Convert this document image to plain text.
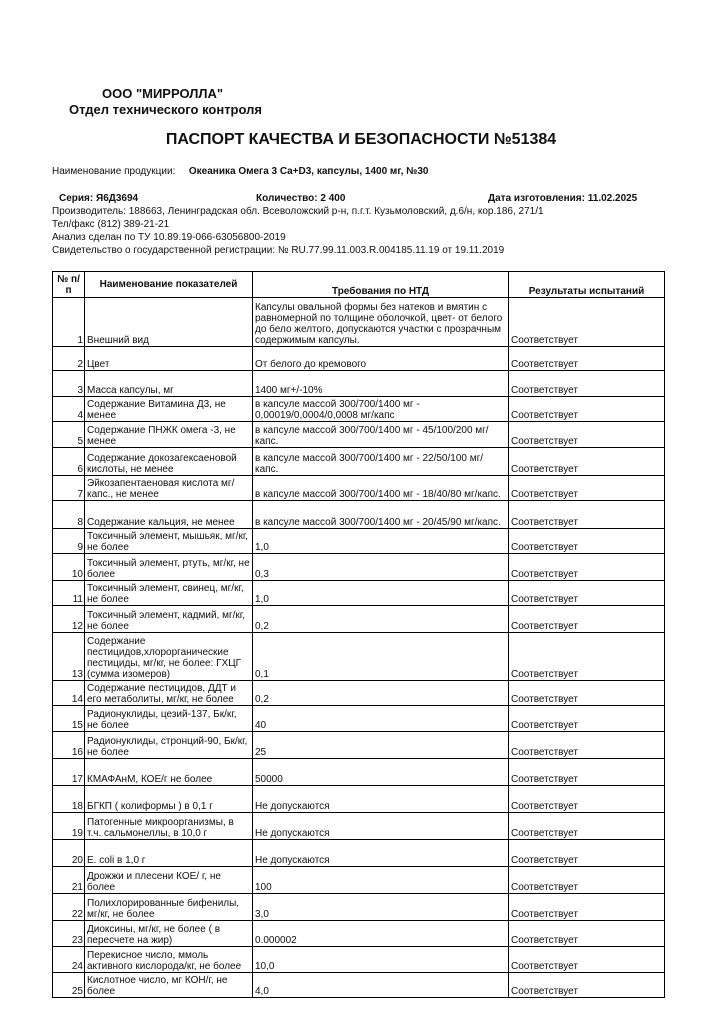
ООО "МИРРОЛЛА"
Отдел технического контроля
ПАСПОРТ КАЧЕСТВА И БЕЗОПАСНОСТИ №51384
Наименование продукции: Океаника Омега 3 Ca+D3, капсулы, 1400 мг, №30
Серия: Я6Д3694	Количество: 2 400	Дата изготовления: 11.02.2025
Производитель: 188663, Ленинградская обл. Всеволожский р-н, п.г.т. Кузьмоловский, д.6/н, кор.186, 271/1
Тел/факс (812) 389-21-21
Анализ сделан по ТУ 10.89.19-066-63056800-2019
Свидетельство о государственной регистрации: № RU.77.99.11.003.R.004185.11.19 от 19.11.2019
№ п/п	Наименование показателей	Требования по НТД	Результаты испытаний
1	Внешний вид	Капсулы овальной формы без натеков и вмятин с равномерной по толщине оболочкой, цвет- от белого до бело желтого, допускаются участки с прозрачным содержимым капсулы.	Соответствует
2	Цвет	От белого до кремового	Соответствует
3	Масса капсулы, мг	1400 мг+/-10%	Соответствует
4	Содержание Витамина Д3, не менее	в капсуле массой 300/700/1400 мг - 0,00019/0,0004/0,0008 мг/капс	Соответствует
5	Содержание ПНЖК омега -3, не менее	в капсуле массой 300/700/1400 мг - 45/100/200 мг/капс.	Соответствует
6	Содержание докозагексаеновой кислоты, не менее	в капсуле массой 300/700/1400 мг - 22/50/100 мг/капс.	Соответствует
7	Эйкозапентаеновая кислота мг/капс., не менее	в капсуле массой 300/700/1400 мг - 18/40/80 мг/капс.	Соответствует
8	Содержание кальция, не менее	в капсуле массой 300/700/1400 мг - 20/45/90 мг/капс.	Соответствует
9	Токсичный элемент, мышьяк, мг/кг, не более	1,0	Соответствует
10	Токсичный элемент, ртуть, мг/кг, не более	0,3	Соответствует
11	Токсичный элемент, свинец, мг/кг, не более	1,0	Соответствует
12	Токсичный элемент, кадмий, мг/кг, не более	0,2	Соответствует
13	Содержание пестицидов,хлорорганические пестициды, мг/кг, не более: ГХЦГ (сумма изомеров)	0,1	Соответствует
14	Содержание пестицидов, ДДТ и его метаболиты, мг/кг, не более	0,2	Соответствует
15	Радионуклиды, цезий-137, Бк/кг, не более	40	Соответствует
16	Радионуклиды, стронций-90, Бк/кг, не более	25	Соответствует
17	КМАФАнМ, КОЕ/г не более	50000	Соответствует
18	БГКП ( колиформы ) в 0,1 г	Не допускаются	Соответствует
19	Патогенные микроорганизмы, в т.ч. сальмонеллы, в 10,0 г	Не допускаются	Соответствует
20	E. coli в 1,0 г	Не допускаются	Соответствует
21	Дрожжи и плесени КОЕ/ г, не более	100	Соответствует
22	Полихлорированные бифенилы, мг/кг, не более	3,0	Соответствует
23	Диоксины, мг/кг, не более ( в пересчете на жир)	0.000002	Соответствует
24	Перекисное число, ммоль активного кислорода/кг, не более	10,0	Соответствует
25	Кислотное число, мг КОН/г, не более	4,0	Соответствует
